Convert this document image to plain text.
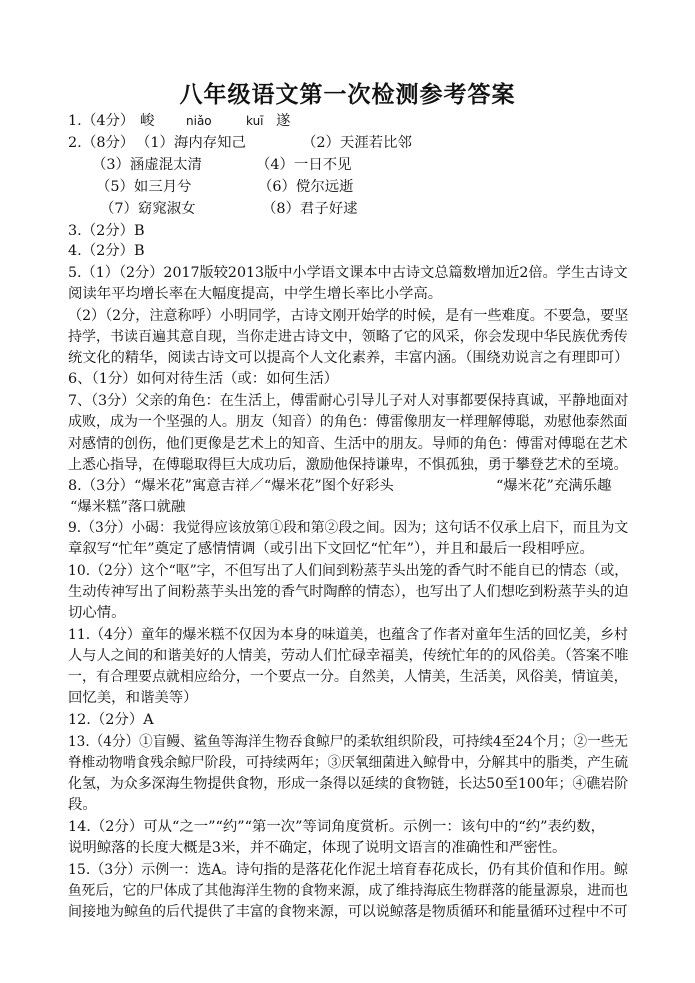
八年级语文第一次检测参考答案
1. （4分） 峻	niǎo	kuī 遂
2. （8分） （1）海内存知己	（2）天涯若比邻
（3）涵虚混太清	（4）一日不见
（5）如三月兮	（6）傥尔远逝
（7）窈窕淑女	（8）君子好逑
3.（2分）B
4.（2分）B
5.（1）（2分）2017版较2013版中小学语文课本中古诗文总篇数增加近2倍。学生古诗文
阅读年平均增长率在大幅度提高，中学生增长率比小学高。
（2）（2分，注意称呼）小明同学，古诗文刚开始学的时候，是有一些难度。不要急，要坚
持学，书读百遍其意自现，当你走进古诗文中，领略了它的风采，你会发现中华民族优秀传
统文化的精华，阅读古诗文可以提高个人文化素养，丰富内涵。（围绕劝说言之有理即可）
6、（1分）如何对待生活（或：如何生活）
7、（3分）父亲的角色：在生活上，傅雷耐心引导儿子对人对事都要保持真诚，平静地面对
成败，成为一个坚强的人。朋友（知音）的角色：傅雷像朋友一样理解傅聪，劝慰他泰然面
对感情的创伤，他们更像是艺术上的知音、生活中的朋友。导师的角色：傅雷对傅聪在艺术
上悉心指导，在傅聪取得巨大成功后，激励他保持谦卑，不惧孤独，勇于攀登艺术的至境。
8.（3分）“爆米花”寓意吉祥／“爆米花”图个好彩头	“爆米花”充满乐趣
“爆米糕”落口就融
9.（3分）小碣：我觉得应该放第①段和第②段之间。因为；这句话不仅承上启下，而且为文
章叙写“忙年”奠定了感情情调（或引出下文回忆“忙年”），并且和最后一段相呼应。
10.（2分）这个“呕”字，不但写出了人们间到粉蒸芋头出笼的香气时不能自已的情态（或，
生动传神写出了间粉蒸芋头出笼的香气时陶醉的情态），也写出了人们想吃到粉蒸芋头的迫
切心情。
11.（4分）童年的爆米糕不仅因为本身的味道美，也蕴含了作者对童年生活的回忆美，乡村
人与人之间的和谐美好的人情美，劳动人们忙碌幸福美，传统忙年的的风俗美。（答案不唯
一，有合理要点就相应给分，一个要点一分。自然美，人情美，生活美，风俗美，情谊美，
回忆美，和谐美等）
12.（2分）A
13.（4分）①盲鳗、鲨鱼等海洋生物吞食鲸尸的柔软组织阶段，可持续4至24个月；②一些无
脊椎动物啃食残余鲸尸阶段，可持续两年；③厌氧细菌进入鲸骨中，分解其中的脂类，产生硫
化氢，为众多深海生物提供食物，形成一条得以延续的食物链，长达50至100年；④礁岩阶
段。
14.（2分）可从“之一”“约”“第一次”等词角度赏析。示例一：该句中的“约”表约数，
说明鲸落的长度大概是3米，并不确定，体现了说明文语言的准确性和严密性。
15.（3分）示例一：选A。诗句指的是落花化作泥土培育春花成长，仍有其价值和作用。鲸
鱼死后，它的尸体成了其他海洋生物的食物来源，成了维持海底生物群落的能量源泉，进而也
间接地为鲸鱼的后代提供了丰富的食物来源，可以说鲸落是物质循环和能量循环过程中不可
